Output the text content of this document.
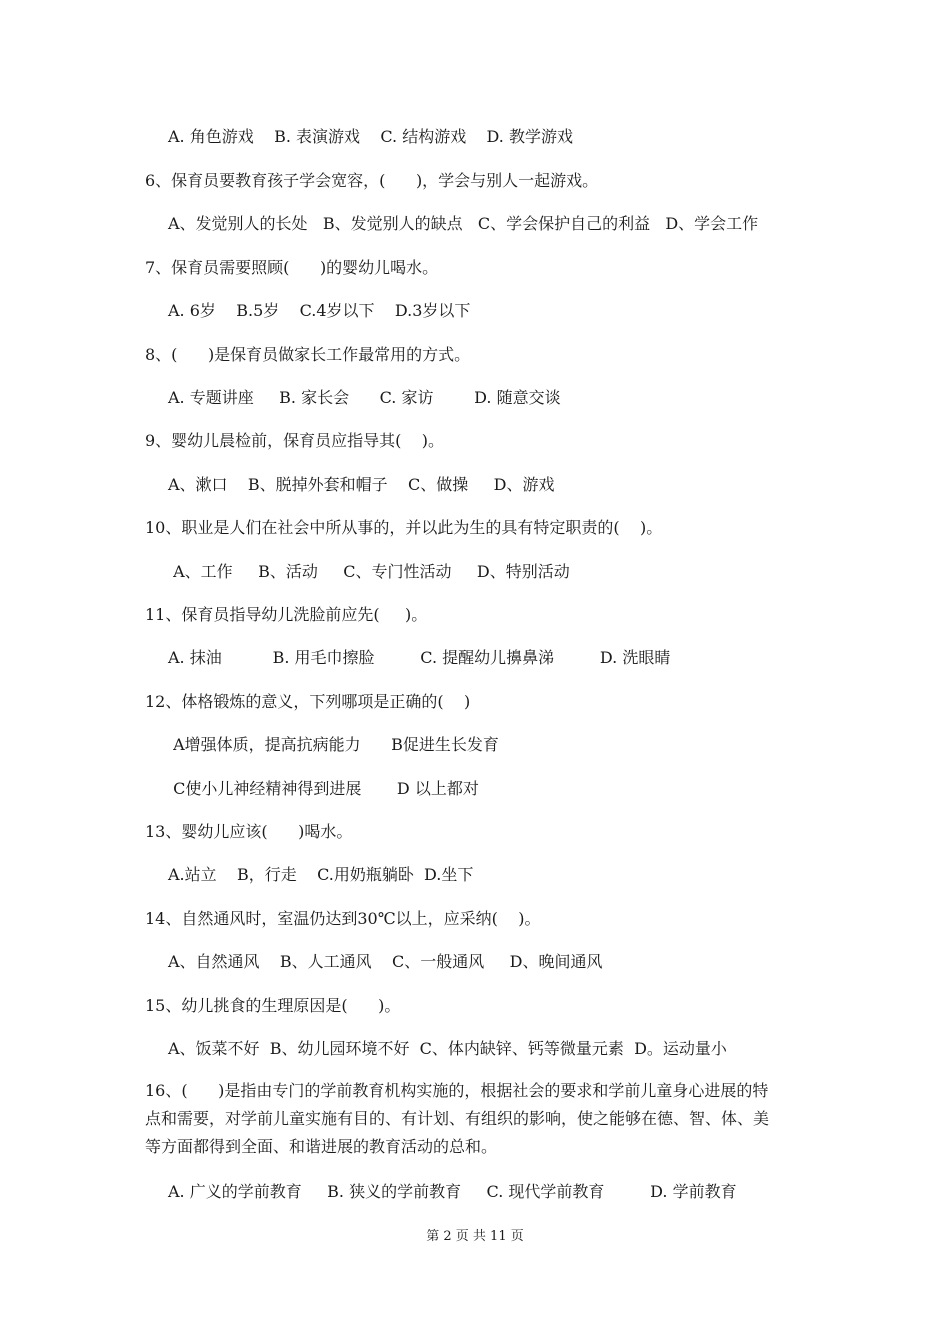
A. 角色游戏    B. 表演游戏    C. 结构游戏    D. 教学游戏
6、保育员要教育孩子学会宽容，(      )，学会与别人一起游戏。
A、发觉别人的长处   B、发觉别人的缺点   C、学会保护自己的利益   D、学会工作
7、保育员需要照顾(      )的婴幼儿喝水。
A. 6岁    B.5岁    C.4岁以下    D.3岁以下
8、(      )是保育员做家长工作最常用的方式。
A. 专题讲座     B. 家长会      C. 家访        D. 随意交谈
9、婴幼儿晨检前，保育员应指导其(    )。
A、漱口    B、脱掉外套和帽子    C、做操     D、游戏
10、职业是人们在社会中所从事的，并以此为生的具有特定职责的(    )。
A、工作     B、活动     C、专门性活动     D、特别活动
11、保育员指导幼儿洗脸前应先(     )。
A. 抹油          B. 用毛巾擦脸         C. 提醒幼儿擤鼻涕         D. 洗眼睛
12、体格锻炼的意义，下列哪项是正确的(    )
A增强体质，提高抗病能力      B促进生长发育
C使小儿神经精神得到进展       D 以上都对
13、婴幼儿应该(      )喝水。
A.站立    B，行走    C.用奶瓶躺卧  D.坐下
14、自然通风时，室温仍达到30℃以上，应采纳(    )。
A、自然通风    B、人工通风    C、一般通风     D、晚间通风
15、幼儿挑食的生理原因是(      )。
A、饭菜不好  B、幼儿园环境不好  C、体内缺锌、钙等微量元素  D。运动量小
A. 广义的学前教育     B. 狭义的学前教育     C. 现代学前教育         D. 学前教育
16、(      )是指由专门的学前教育机构实施的，根据社会的要求和学前儿童身心进展的特
点和需要，对学前儿童实施有目的、有计划、有组织的影响，使之能够在德、智、体、美
等方面都得到全面、和谐进展的教育活动的总和。
第 2 页 共 11 页
